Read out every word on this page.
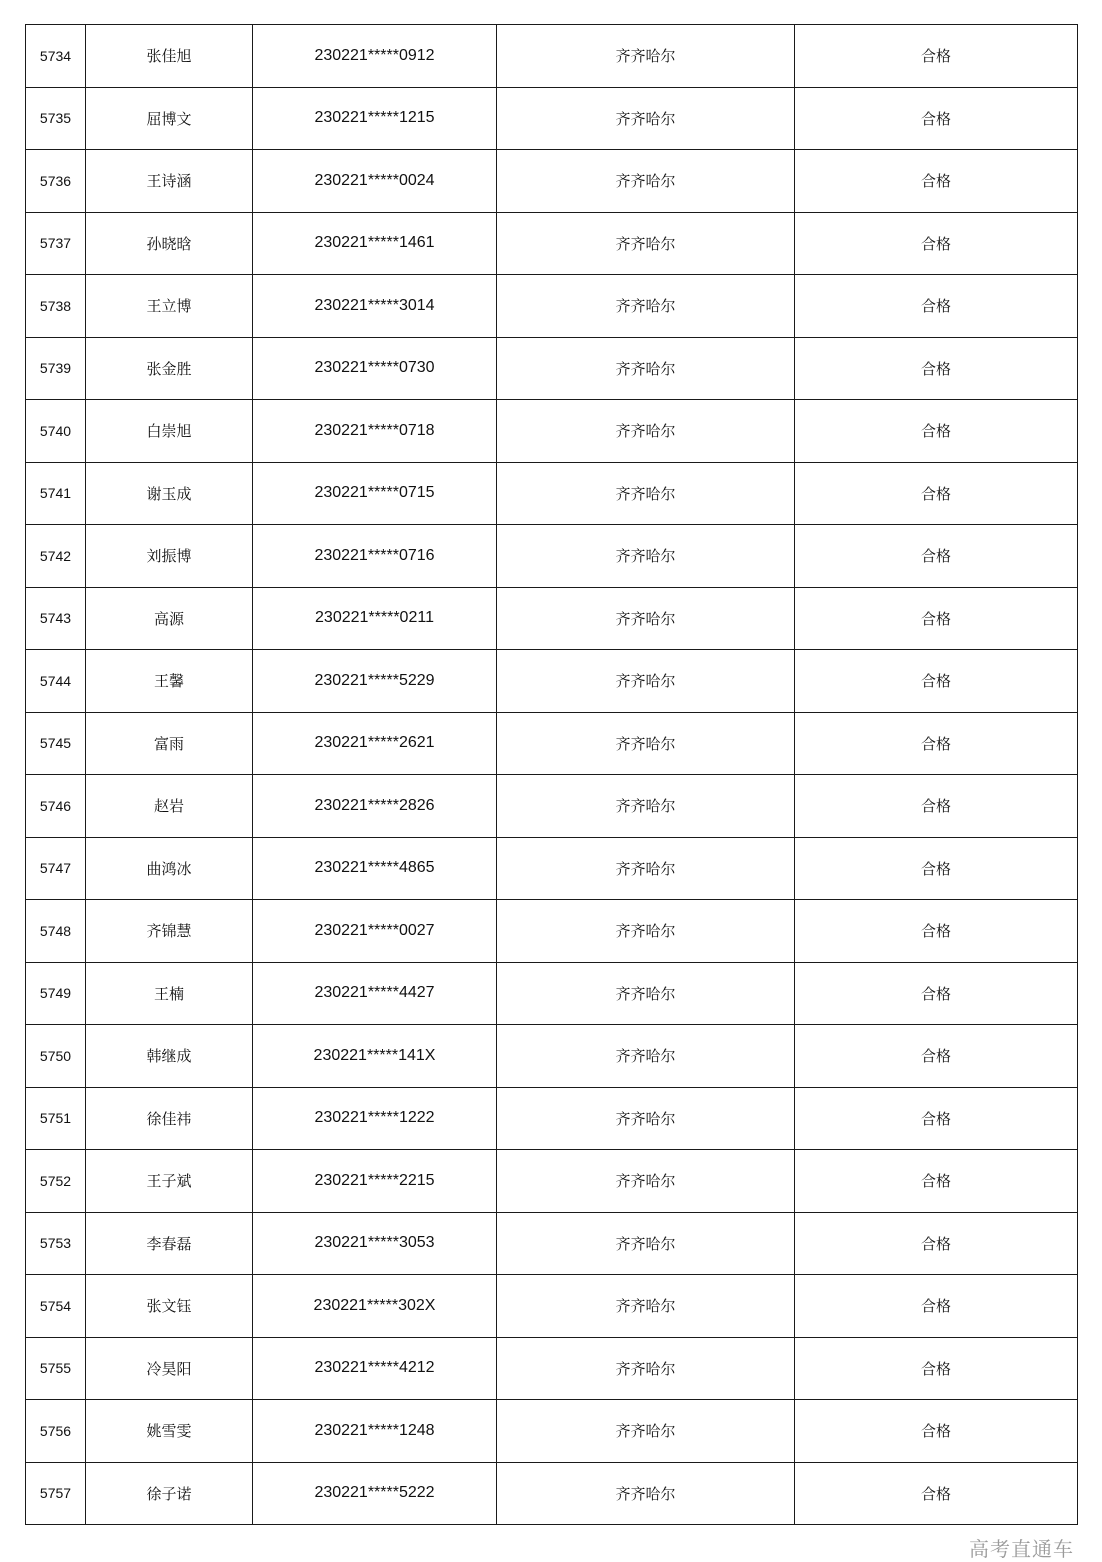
5734	张佳旭	230221*****0912	齐齐哈尔	合格
5735	屈博文	230221*****1215	齐齐哈尔	合格
5736	王诗涵	230221*****0024	齐齐哈尔	合格
5737	孙晓晗	230221*****1461	齐齐哈尔	合格
5738	王立博	230221*****3014	齐齐哈尔	合格
5739	张金胜	230221*****0730	齐齐哈尔	合格
5740	白崇旭	230221*****0718	齐齐哈尔	合格
5741	谢玉成	230221*****0715	齐齐哈尔	合格
5742	刘振博	230221*****0716	齐齐哈尔	合格
5743	高源	230221*****0211	齐齐哈尔	合格
5744	王馨	230221*****5229	齐齐哈尔	合格
5745	富雨	230221*****2621	齐齐哈尔	合格
5746	赵岩	230221*****2826	齐齐哈尔	合格
5747	曲鸿冰	230221*****4865	齐齐哈尔	合格
5748	齐锦慧	230221*****0027	齐齐哈尔	合格
5749	王楠	230221*****4427	齐齐哈尔	合格
5750	韩继成	230221*****141X	齐齐哈尔	合格
5751	徐佳祎	230221*****1222	齐齐哈尔	合格
5752	王子斌	230221*****2215	齐齐哈尔	合格
5753	李春磊	230221*****3053	齐齐哈尔	合格
5754	张文钰	230221*****302X	齐齐哈尔	合格
5755	冷昊阳	230221*****4212	齐齐哈尔	合格
5756	姚雪雯	230221*****1248	齐齐哈尔	合格
5757	徐子诺	230221*****5222	齐齐哈尔	合格
高考直通车
